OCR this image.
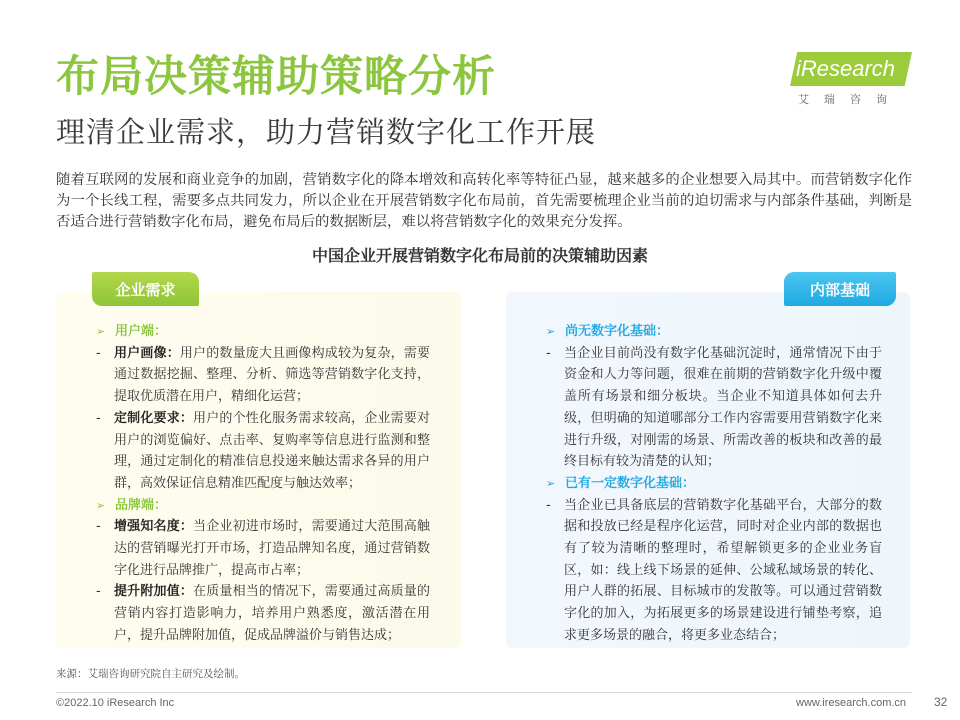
布局决策辅助策略分析
理清企业需求，助力营销数字化工作开展
iResearch
艾瑞咨询
随着互联网的发展和商业竞争的加剧，营销数字化的降本增效和高转化率等特征凸显，越来越多的企业想要入局其中。而营销数字化作为一个长线工程，需要多点共同发力，所以企业在开展营销数字化布局前，首先需要梳理企业当前的迫切需求与内部条件基础，判断是否适合进行营销数字化布局，避免布局后的数据断层，难以将营销数字化的效果充分发挥。
中国企业开展营销数字化布局前的决策辅助因素
企业需求	内部基础
➢ 用户端：
-	用户画像：用户的数量庞大且画像构成较为复杂，需要通过数据挖掘、整理、分析、筛选等营销数字化支持，提取优质潜在用户，精细化运营；
-	定制化要求：用户的个性化服务需求较高，企业需要对用户的浏览偏好、点击率、复购率等信息进行监测和整理，通过定制化的精准信息投递来触达需求各异的用户群，高效保证信息精准匹配度与触达效率；
➢ 品牌端：
-	增强知名度：当企业初进市场时，需要通过大范围高触达的营销曝光打开市场，打造品牌知名度，通过营销数字化进行品牌推广，提高市占率；
-	提升附加值：在质量相当的情况下，需要通过高质量的营销内容打造影响力，培养用户熟悉度，激活潜在用户，提升品牌附加值，促成品牌溢价与销售达成；
➢ 尚无数字化基础：
-	当企业目前尚没有数字化基础沉淀时，通常情况下由于资金和人力等问题，很难在前期的营销数字化升级中覆盖所有场景和细分板块。当企业不知道具体如何去升级，但明确的知道哪部分工作内容需要用营销数字化来进行升级，对刚需的场景、所需改善的板块和改善的最终目标有较为清楚的认知；
➢ 已有一定数字化基础：
-	当企业已具备底层的营销数字化基础平台，大部分的数据和投放已经是程序化运营，同时对企业内部的数据也有了较为清晰的整理时，希望解锁更多的企业业务盲区，如：线上线下场景的延伸、公域私域场景的转化、用户人群的拓展、目标城市的发散等。可以通过营销数字化的加入，为拓展更多的场景建设进行铺垫考察，追求更多场景的融合，将更多业态结合；
来源：艾瑞咨询研究院自主研究及绘制。
©2022.10 iResearch Inc	www.iresearch.com.cn 32
